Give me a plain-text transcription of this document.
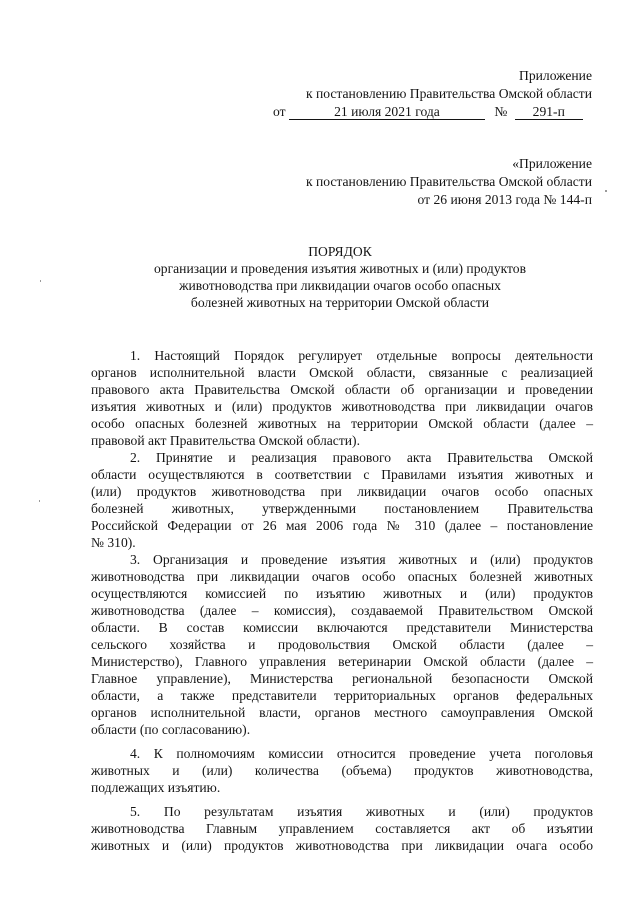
Приложение
к постановлению Правительства Омской области
от	21 июля 2021 года	№ 291-п
«Приложение
к постановлению Правительства Омской области
от 26 июня 2013 года № 144-п
ПОРЯДОК
организации и проведения изъятия животных и (или) продуктов
животноводства при ликвидации очагов особо опасных
болезней животных на территории Омской области
1. Настоящий Порядок регулирует отдельные вопросы деятельности
органов исполнительной власти Омской области, связанные с реализацией
правового акта Правительства Омской области об организации и проведении
изъятия животных и (или) продуктов животноводства при ликвидации очагов
особо опасных болезней животных на территории Омской области (далее –
правовой акт Правительства Омской области).
2. Принятие и реализация правового акта Правительства Омской
области осуществляются в соответствии с Правилами изъятия животных и
(или) продуктов животноводства при ликвидации очагов особо опасных
болезней животных, утвержденными постановлением Правительства
Российской Федерации от 26 мая 2006 года № 310 (далее – постановление
№ 310).
3. Организация и проведение изъятия животных и (или) продуктов
животноводства при ликвидации очагов особо опасных болезней животных
осуществляются комиссией по изъятию животных и (или) продуктов
животноводства (далее – комиссия), создаваемой Правительством Омской
области. В состав комиссии включаются представители Министерства
сельского хозяйства и продовольствия Омской области (далее –
Министерство), Главного управления ветеринарии Омской области (далее –
Главное управление), Министерства региональной безопасности Омской
области, а также представители территориальных органов федеральных
органов исполнительной власти, органов местного самоуправления Омской
области (по согласованию).
4. К полномочиям комиссии относится проведение учета поголовья
животных и (или) количества (объема) продуктов животноводства,
подлежащих изъятию.
5. По результатам изъятия животных и (или) продуктов
животноводства Главным управлением составляется акт об изъятии
животных и (или) продуктов животноводства при ликвидации очага особо
